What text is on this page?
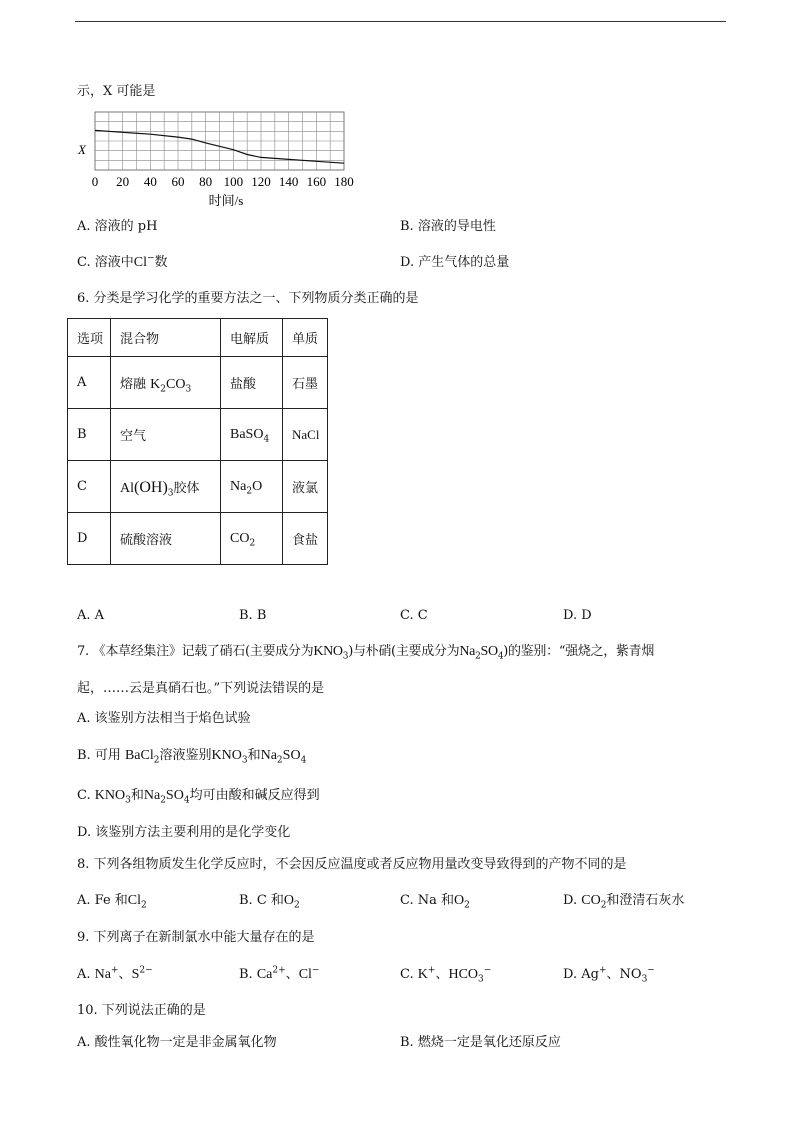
示，X 可能是
X
0 20 40 60 80 100 120 140 160 180
时间/s
A. 溶液的 pH	B. 溶液的导电性
C. 溶液中Cl−数	D. 产生气体的总量
6. 分类是学习化学的重要方法之一、下列物质分类正确的是
选项	混合物	电解质	单质
A	熔融 $K_2CO_3$	盐酸	石墨
B	空气	BaSO$_4$	NaCl
C	$Al(OH)_3$胶体	$Na_2O$	液氯
D	硫酸溶液	$CO_2$	食盐
A. A	B. B	C. C	D. D
7. 《本草经集注》记载了硝石(主要成分为$KNO_3$)与朴硝(主要成分为$Na_2SO_4$)的鉴别：“强烧之，紫青烟
起，……云是真硝石也。”下列说法错误的是
A. 该鉴别方法相当于焰色试验
B. 可用 BaCl$_2$溶液鉴别$KNO_3$和$Na_2SO_4$
C. $KNO_3$和$Na_2SO_4$均可由酸和碱反应得到
D. 该鉴别方法主要利用的是化学变化
8. 下列各组物质发生化学反应时，不会因反应温度或者反应物用量改变导致得到的产物不同的是
A. Fe 和$Cl_2$	B. C 和$O_2$	C. Na 和$O_2$	D. $CO_2$和澄清石灰水
9. 下列离子在新制氯水中能大量存在的是
A. Na+、$S^{2-}$	B. $Ca^{2+}$、Cl−	C. K+、$HCO_3^-$	D. Ag+、$NO_3^-$
10. 下列说法正确的是
A. 酸性氧化物一定是非金属氧化物	B. 燃烧一定是氧化还原反应
